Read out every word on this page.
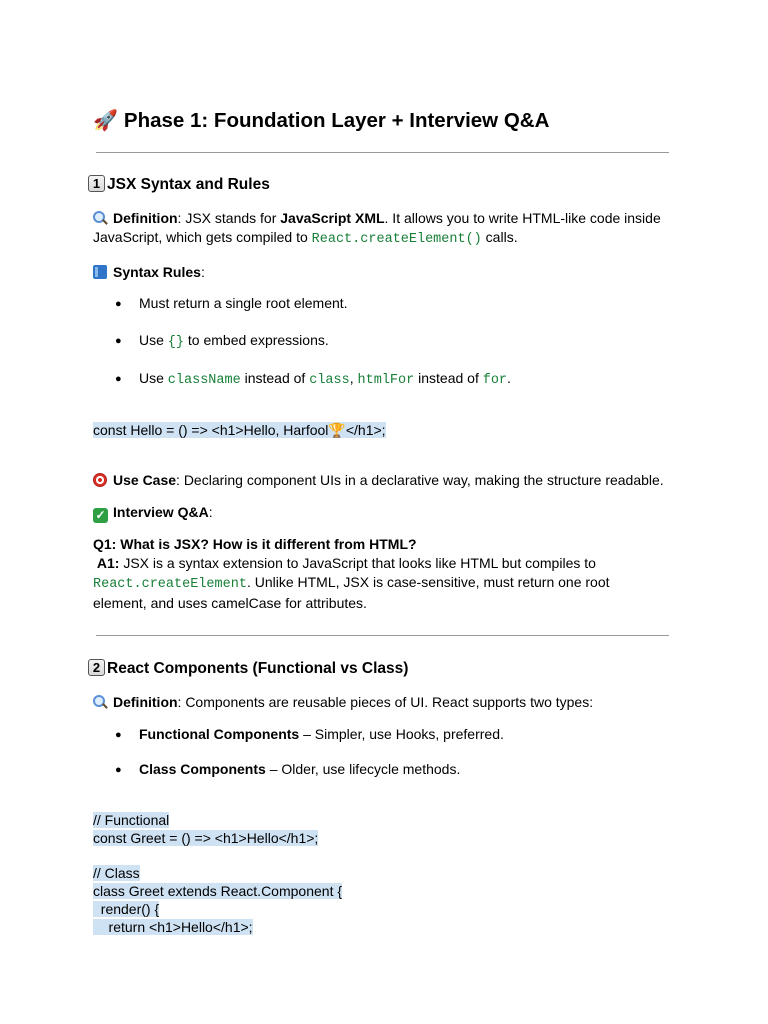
🚀 Phase 1: Foundation Layer + Interview Q&A
1 JSX Syntax and Rules
Definition: JSX stands for JavaScript XML. It allows you to write HTML-like code inside
JavaScript, which gets compiled to React.createElement() calls.
Syntax Rules:
● Must return a single root element.
● Use {} to embed expressions.
● Use className instead of class, htmlFor instead of for.
const Hello = () => <h1>Hello, Harfool🏆</h1>;
Use Case: Declaring component UIs in a declarative way, making the structure readable.
✓ Interview Q&A:
Q1: What is JSX? How is it different from HTML?
A1: JSX is a syntax extension to JavaScript that looks like HTML but compiles to
React.createElement. Unlike HTML, JSX is case-sensitive, must return one root
element, and uses camelCase for attributes.
2 React Components (Functional vs Class)
Definition: Components are reusable pieces of UI. React supports two types:
● Functional Components – Simpler, use Hooks, preferred.
● Class Components – Older, use lifecycle methods.
// Functional
const Greet = () => <h1>Hello</h1>;

// Class
class Greet extends React.Component {
render() {
return <h1>Hello</h1>;
